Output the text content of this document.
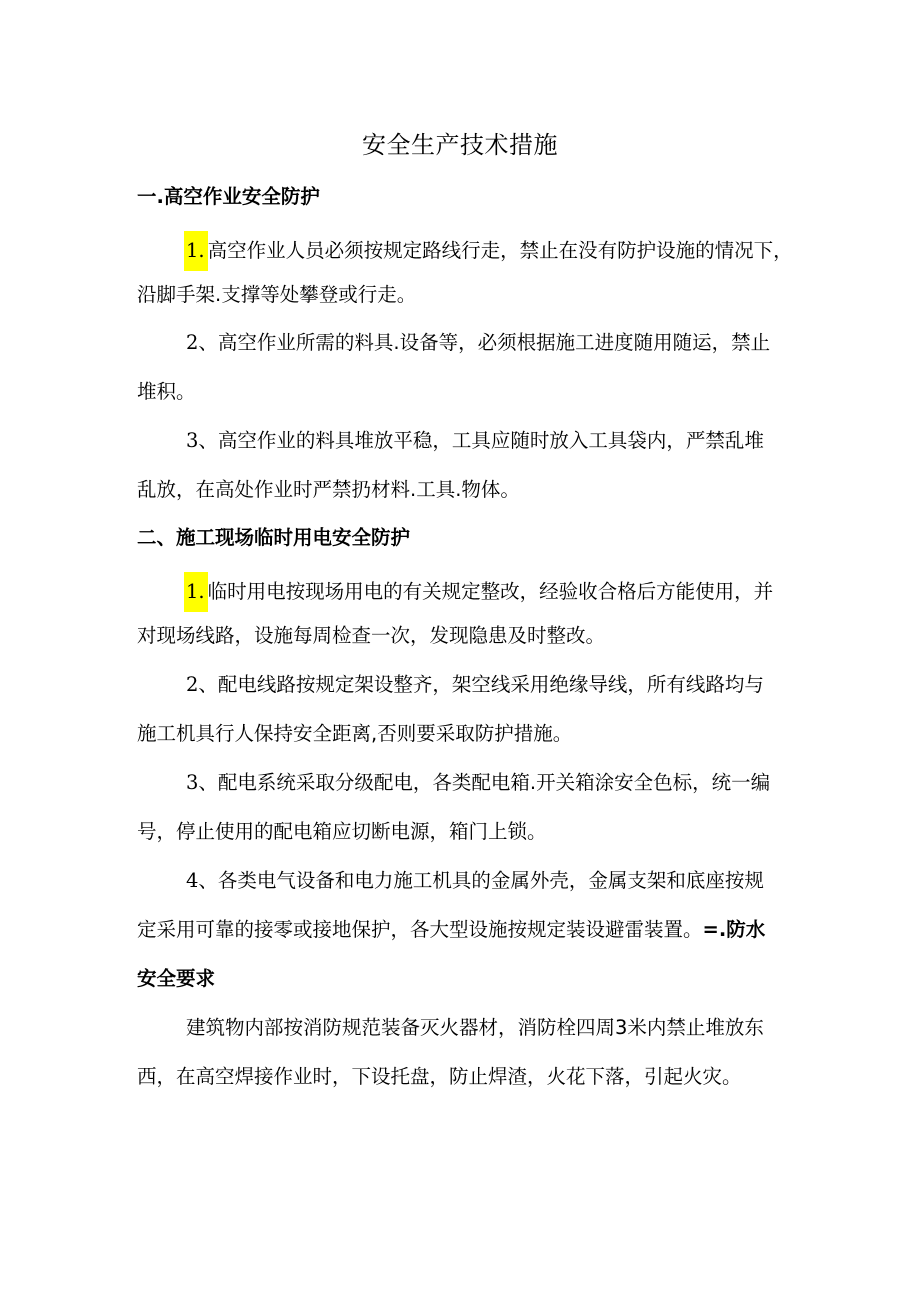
安全生产技术措施
一.高空作业安全防护
1. 高空作业人员必须按规定路线行走，禁止在没有防护设施的情况下，
沿脚手架.支撑等处攀登或行走。
2、高空作业所需的料具.设备等，必须根据施工进度随用随运，禁止
堆积。
3、高空作业的料具堆放平稳，工具应随时放入工具袋内，严禁乱堆
乱放，在高处作业时严禁扔材料.工具.物体。
二、施工现场临时用电安全防护
1. 临时用电按现场用电的有关规定整改，经验收合格后方能使用，并
对现场线路，设施每周检查一次，发现隐患及时整改。
2、配电线路按规定架设整齐，架空线采用绝缘导线，所有线路均与
施工机具行人保持安全距离,否则要采取防护措施。
3、配电系统采取分级配电，各类配电箱.开关箱涂安全色标，统一编
号，停止使用的配电箱应切断电源，箱门上锁。
4、各类电气设备和电力施工机具的金属外壳，金属支架和底座按规
定采用可靠的接零或接地保护，各大型设施按规定装设避雷装置。=.防水
安全要求
建筑物内部按消防规范装备灭火器材，消防栓四周3米内禁止堆放东
西，在高空焊接作业时，下设托盘，防止焊渣，火花下落，引起火灾。
